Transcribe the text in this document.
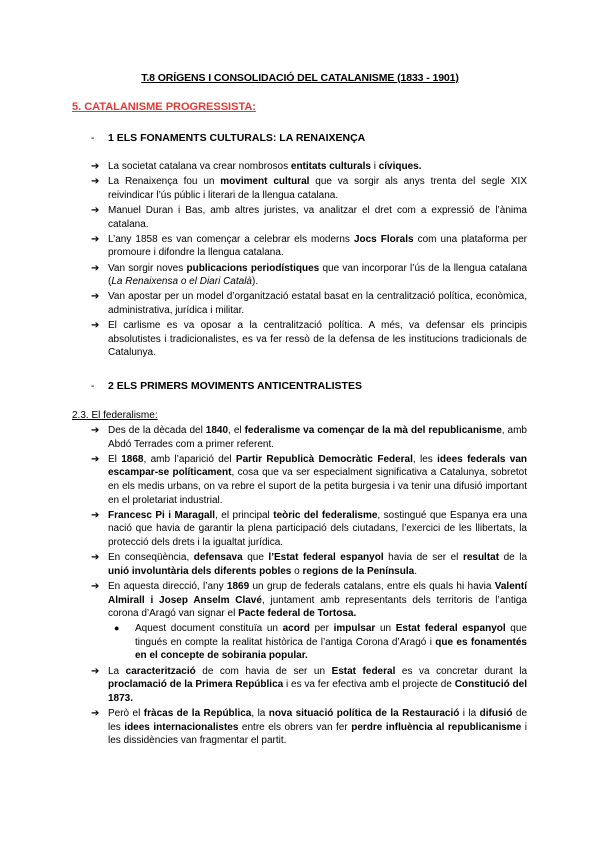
T.8 ORÍGENS I CONSOLIDACIÓ DEL CATALANISME (1833 - 1901)
5. CATALANISME PROGRESSISTA:
- 1 ELS FONAMENTS CULTURALS: LA RENAIXENÇA
➔ La societat catalana va crear nombrosos entitats culturals i cíviques.
➔ La Renaixença fou un moviment cultural que va sorgir als anys trenta del segle XIX reivindicar l’ús públic i literari de la llengua catalana.
➔ Manuel Duran i Bas, amb altres juristes, va analitzar el dret com a expressió de l’ànima catalana.
➔ L’any 1858 es van començar a celebrar els moderns Jocs Florals com una plataforma per promoure i difondre la llengua catalana.
➔ Van sorgir noves publicacions periodístiques que van incorporar l’ús de la llengua catalana (La Renaixensa o el Diari Català).
➔ Van apostar per un model d’organització estatal basat en la centralització política, econòmica, administrativa, jurídica i militar.
➔ El carlisme es va oposar a la centralització política. A més, va defensar els principis absolutistes i tradicionalistes, es va fer ressò de la defensa de les institucions tradicionals de Catalunya.
- 2 ELS PRIMERS MOVIMENTS ANTICENTRALISTES
2.3. El federalisme:
➔ Des de la dècada del 1840, el federalisme va començar de la mà del republicanisme, amb Abdó Terrades com a primer referent.
➔ El 1868, amb l’aparició del Partir Republicà Democràtic Federal, les idees federals van escampar-se políticament, cosa que va ser especialment significativa a Catalunya, sobretot en els medis urbans, on va rebre el suport de la petita burgesia i va tenir una difusió important en el proletariat industrial.
➔ Francesc Pi i Maragall, el principal teòric del federalisme, sostingué que Espanya era una nació que havia de garantir la plena participació dels ciutadans, l’exercici de les llibertats, la protecció dels drets i la igualtat jurídica.
➔ En conseqüència, defensava que l’Estat federal espanyol havia de ser el resultat de la unió involuntària dels diferents pobles o regions de la Península.
➔ En aquesta direcció, l’any 1869 un grup de federals catalans, entre els quals hi havia Valentí Almirall i Josep Anselm Clavé, juntament amb representants dels territoris de l’antiga corona d’Aragó van signar el Pacte federal de Tortosa.
● Aquest document constituïa un acord per impulsar un Estat federal espanyol que tingués en compte la realitat històrica de l’antiga Corona d’Aragó i que es fonamentés en el concepte de sobirania popular.
➔ La caracterització de com havia de ser un Estat federal es va concretar durant la proclamació de la Primera República i es va fer efectiva amb el projecte de Constitució del 1873.
➔ Però el fràcas de la República, la nova situació política de la Restauració i la difusió de les idees internacionalistes entre els obrers van fer perdre influència al republicanisme i les dissidències van fragmentar el partit.
